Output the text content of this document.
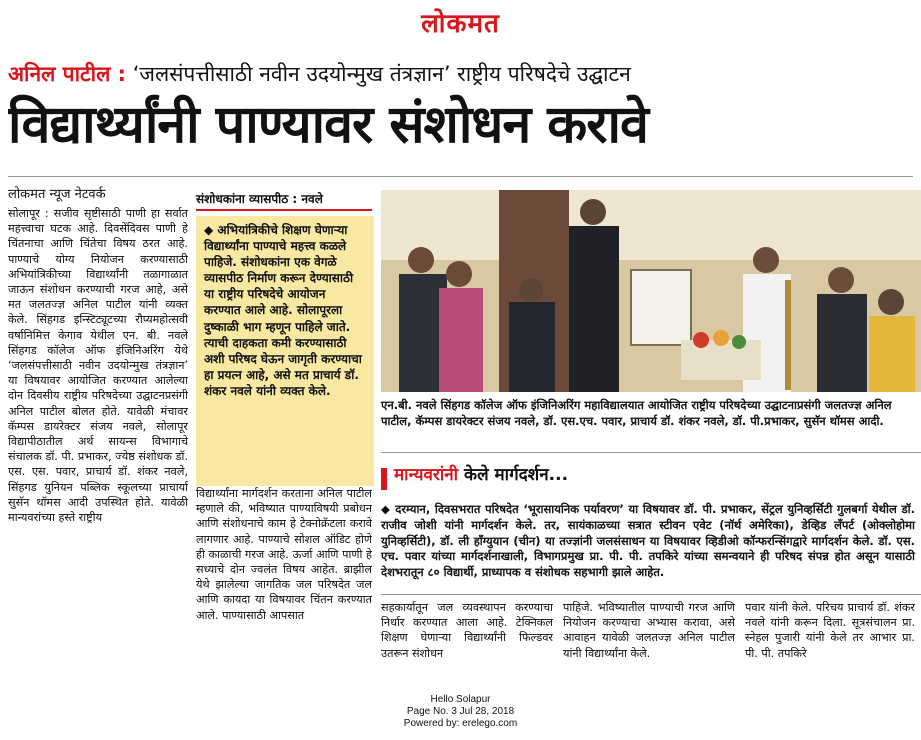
लोकमत
अनिल पाटील : ‘जलसंपत्तीसाठी नवीन उदयोन्मुख तंत्रज्ञान’ राष्ट्रीय परिषदेचे उद्घाटन
विद्यार्थ्यांनी पाण्यावर संशोधन करावे
लोकमत न्यूज नेटवर्क
सोलापूर : सजीव सृष्टीसाठी पाणी हा सर्वात महत्त्वाचा घटक आहे. दिवसेंदिवस पाणी हे चिंतनाचा आणि चिंतेचा विषय ठरत आहे. पाण्याचे योग्य नियोजन करण्यासाठी अभियांत्रिकीच्या विद्यार्थ्यांनी तळागाळात जाऊन संशोधन करण्याची गरज आहे, असे मत जलतज्ज्ञ अनिल पाटील यांनी व्यक्त केले. सिंहगड इन्स्टिट्यूटच्या रौप्यमहोत्सवी वर्षानिमित्त केगाव येथील एन. बी. नवले सिंहगड कॉलेज ऑफ इंजिनिअरिंग येथे ‘जलसंपत्तीसाठी नवीन उदयोन्मुख तंत्रज्ञान’ या विषयावर आयोजित करण्यात आलेल्या दोन दिवसीय राष्ट्रीय परिषदेच्या उद्घाटनप्रसंगी अनिल पाटील बोलत होते. यावेळी मंचावर कॅम्पस डायरेक्टर संजय नवले, सोलापूर विद्यापीठातील अर्थ सायन्स विभागाचे संचालक डॉ. पी. प्रभाकर, ज्येष्ठ संशोधक डॉ. एस. एस. पवार, प्राचार्य डॉ. शंकर नवले, सिंहगड युनियन पब्लिक स्कूलच्या प्राचार्या सुसॅन थॉमस आदी उपस्थित होते. यावेळी मान्यवरांच्या हस्ते राष्ट्रीय
संशोधकांना व्यासपीठ : नवले
◆ अभियांत्रिकीचे शिक्षण घेणाऱ्या विद्यार्थ्यांना पाण्याचे महत्त्व कळले पाहिजे. संशोधकांना एक वेगळे व्यासपीठ निर्माण करून देण्यासाठी या राष्ट्रीय परिषदेचे आयोजन करण्यात आले आहे. सोलापूरला दुष्काळी भाग म्हणून पाहिले जाते. त्याची दाहकता कमी करण्यासाठी अशी परिषद घेऊन जागृती करण्याचा हा प्रयत्न आहे, असे मत प्राचार्य डॉ. शंकर नवले यांनी व्यक्त केले.
विद्यार्थ्यांना मार्गदर्शन करताना अनिल पाटील म्हणाले की, भविष्यात पाण्याविषयी प्रबोधन आणि संशोधनाचे काम हे टेक्नोक्रॅटला करावे लागणार आहे. पाण्याचे सोशल ऑडिट होणे ही काळाची गरज आहे. ऊर्जा आणि पाणी हे सध्याचे दोन ज्वलंत विषय आहेत. ब्राझील येथे झालेल्या जागतिक जल परिषदेत जल आणि कायदा या विषयावर चिंतन करण्यात आले. पाण्यासाठी आपसात
एन.बी. नवले सिंहगड कॉलेज ऑफ इंजिनिअरिंग महाविद्यालयात आयोजित राष्ट्रीय परिषदेच्या उद्घाटनाप्रसंगी जलतज्ज्ञ अनिल पाटील, कॅम्पस डायरेक्टर संजय नवले, डॉ. एस.एच. पवार, प्राचार्य डॉ. शंकर नवले, डॉ. पी.प्रभाकर, सुसॅन थॉमस आदी.
मान्यवरांनी केले मार्गदर्शन...
◆ दरम्यान, दिवसभरात परिषदेत ‘भूरासायनिक पर्यावरण’ या विषयावर डॉ. पी. प्रभाकर, सेंट्रल युनिव्हर्सिटी गुलबर्गा येथील डॉ. राजीव जोशी यांनी मार्गदर्शन केले. तर, सायंकाळच्या सत्रात स्टीवन एवेट (नॉर्थ अमेरिका), डेव्हिड लॅंपर्ट (ओक्लोहोमा युनिव्हर्सिटी), डॉ. ली हॉंग्युयान (चीन) या तज्ज्ञांनी जलसंसाधन या विषयावर व्हिडीओ कॉन्फरन्सिंगद्वारे मार्गदर्शन केले. डॉ. एस. एच. पवार यांच्या मार्गदर्शनाखाली, विभागप्रमुख प्रा. पी. पी. तपकिरे यांच्या समन्वयाने ही परिषद संपन्न होत असून यासाठी देशभरातून ८० विद्यार्थी, प्राध्यापक व संशोधक सहभागी झाले आहेत.
सहकार्यातून जल व्यवस्थापन करण्याचा निर्धार करण्यात आला आहे. टेक्निकल शिक्षण घेणाऱ्या विद्यार्थ्यांनी फिल्डवर उतरून संशोधन
पाहिजे. भविष्यातील पाण्याची गरज आणि नियोजन करण्याचा अभ्यास करावा, असे आवाहन यावेळी जलतज्ज्ञ अनिल पाटील यांनी विद्यार्थ्यांना केले.
पवार यांनी केले. परिचय प्राचार्य डॉ. शंकर नवले यांनी करून दिला. सूत्रसंचालन प्रा. स्नेहल पुजारी यांनी केले तर आभार प्रा. पी. पी. तपकिरे
Hello Solapur
Page No. 3 Jul 28, 2018
Powered by: erelego.com
